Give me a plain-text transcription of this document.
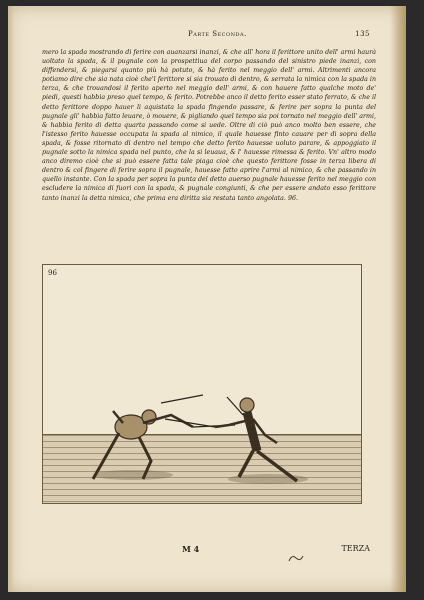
Parte Seconda.	135
mero la spada mostrando di ferire con auanzarsi inanzi, & che all' hora il ferittore unito dell' armi haurà uoltato la spada, & il pugnale con la prospettiua del corpo passando del sinistro piede inanzi, con diffendersi, & piegarsi quanto più hà potuto, & hà ferito nel meggio dell' armi. Altrimenti ancora potiamo dire che sia nata cioè che'l ferittore si sia trouato di dentro, & serrata la nimica con la spada in terza, & che trouandosi il ferito aperto nel meggio dell' armi, & con hauere fatto qualche moto de' piedi, questi habbia preso quel tempo, & ferito. Potrebbe anco il detto ferito esser stato ferrato, & che il detto ferittore doppo hauer li aquistata la spada fingendo passare, & ferire per sopra la punta del pugnale gli' habbia fatto leuare, ò mouere, & pigliando quel tempo sia poi tornato nel meggio dell' armi, & habbia ferito di detta quarta passando come si uede. Oltre di ciò può anco molto ben essere, che l'istesso ferito hauesse occupata la spada al nimico, il quale hauesse finto cauare per di sopra della spada, & fosse ritornato di dentro nel tempo che detto ferito hauesse uoluto parare, & appoggiato il pugnale sotto la nimica spada nel punto, che la si leuaua, & l' hauesse rimessa & ferito. Vn' altro modo anco diremo cioè che si può essere fatta tale piaga cioè che questo ferittore fosse in terza libera di dentro & col fingere di ferire sopra il pugnale, hauesse fatto aprire l'armi al nimico, & che passando in quello instante. Con la spada per sopra la punta del detto auerso pugnale hauesse ferito nel meggio con escludere la nimica di fuori con la spada, & pugnale congiunti, & che per essere andato esso ferittore tanto inanzi la detta nimica, che prima era diritta sia restata tanto angolata. 96.
96
M 4	TERZA
